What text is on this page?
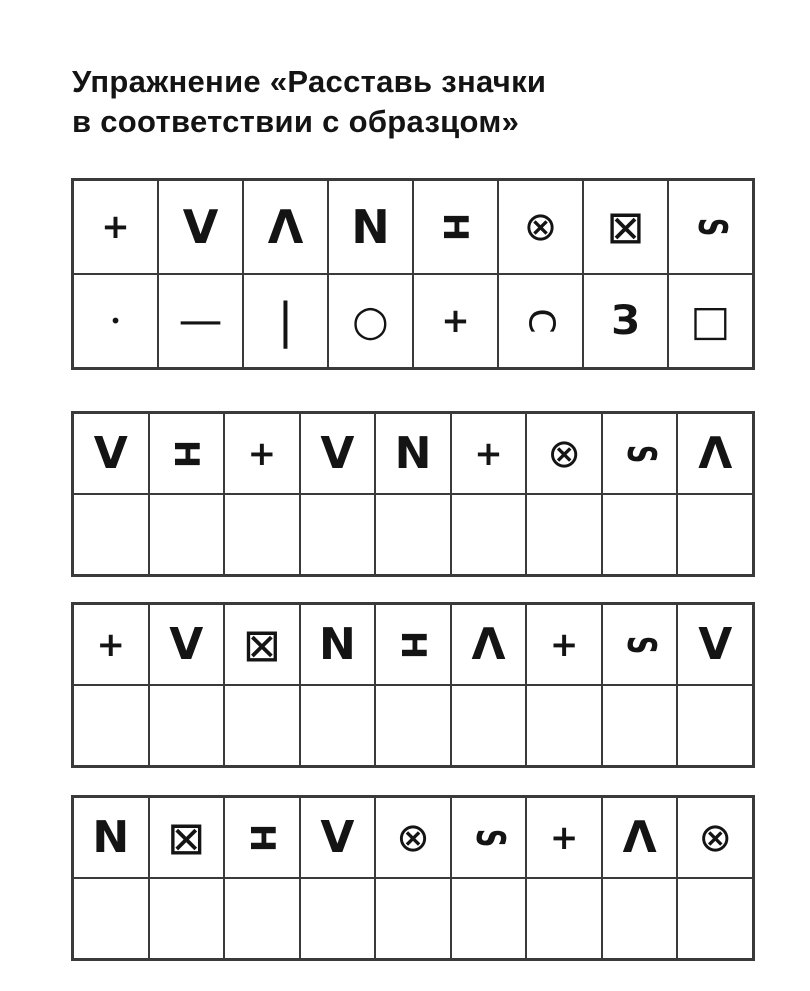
Упражнение «Расставь значки
в соответствии с образцом»
+ V Λ N H ⊗ ⊠ S
• — | ○ + C З □
V H + V N + ⊗ S Λ
+ V ⊠ N H Λ + S V
N ⊠ H V ⊗ S + Λ ⊗
